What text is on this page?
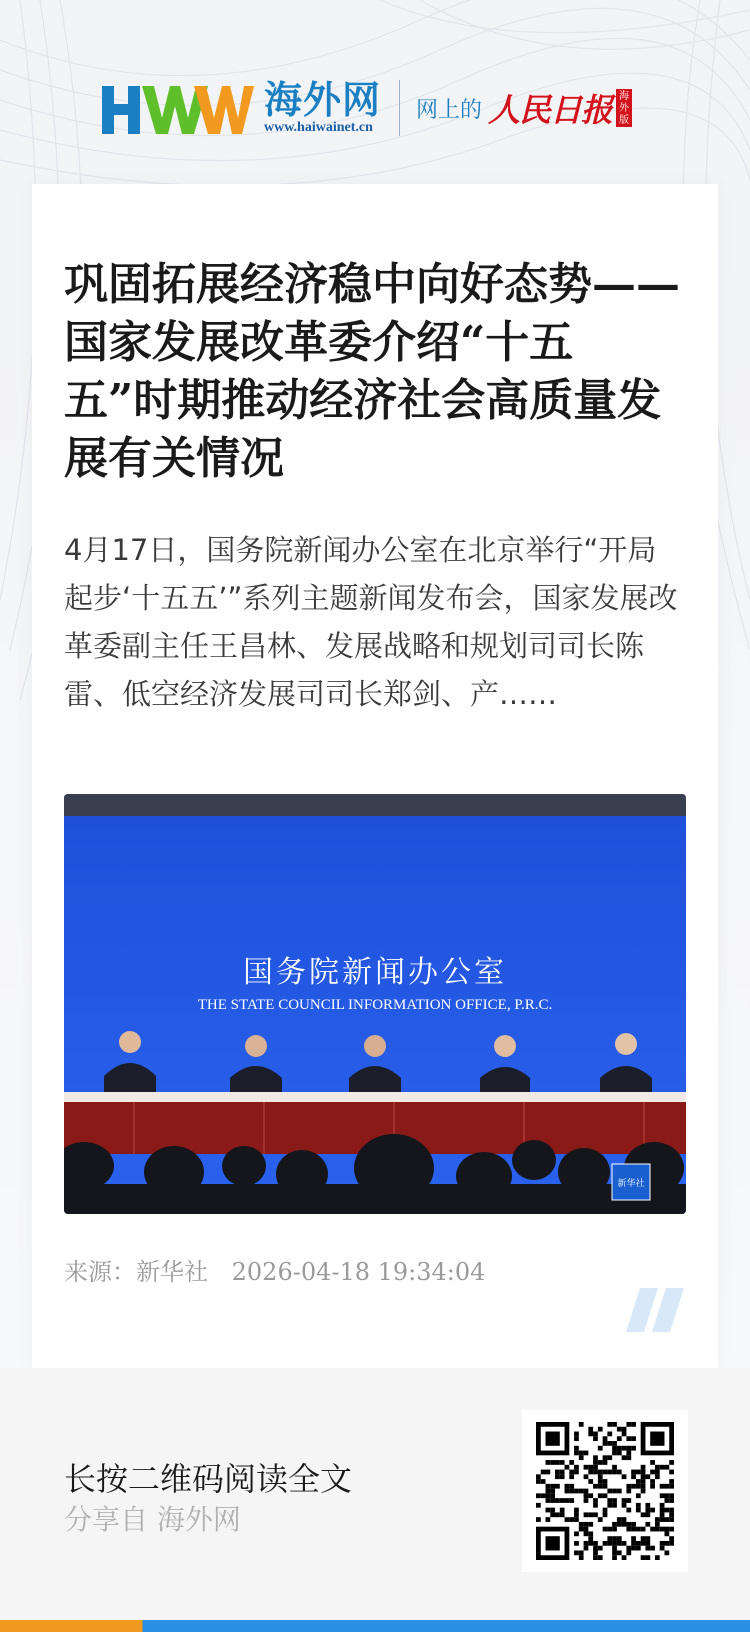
海外网
www.haiwainet.cn
网上的 人民日报 海外版
巩固拓展经济稳中向好态势——国家发展改革委介绍“十五五”时期推动经济社会高质量发展有关情况

4月17日，国务院新闻办公室在北京举行“开局起步‘十五五’”系列主题新闻发布会，国家发展改革委副主任王昌林、发展战略和规划司司长陈雷、低空经济发展司司长郑剑、产……

国务院新闻办公室
THE STATE COUNCIL INFORMATION OFFICE, P.R.C.
新华社
来源：新华社 2026-04-18 19:34:04
长按二维码阅读全文
分享自 海外网
